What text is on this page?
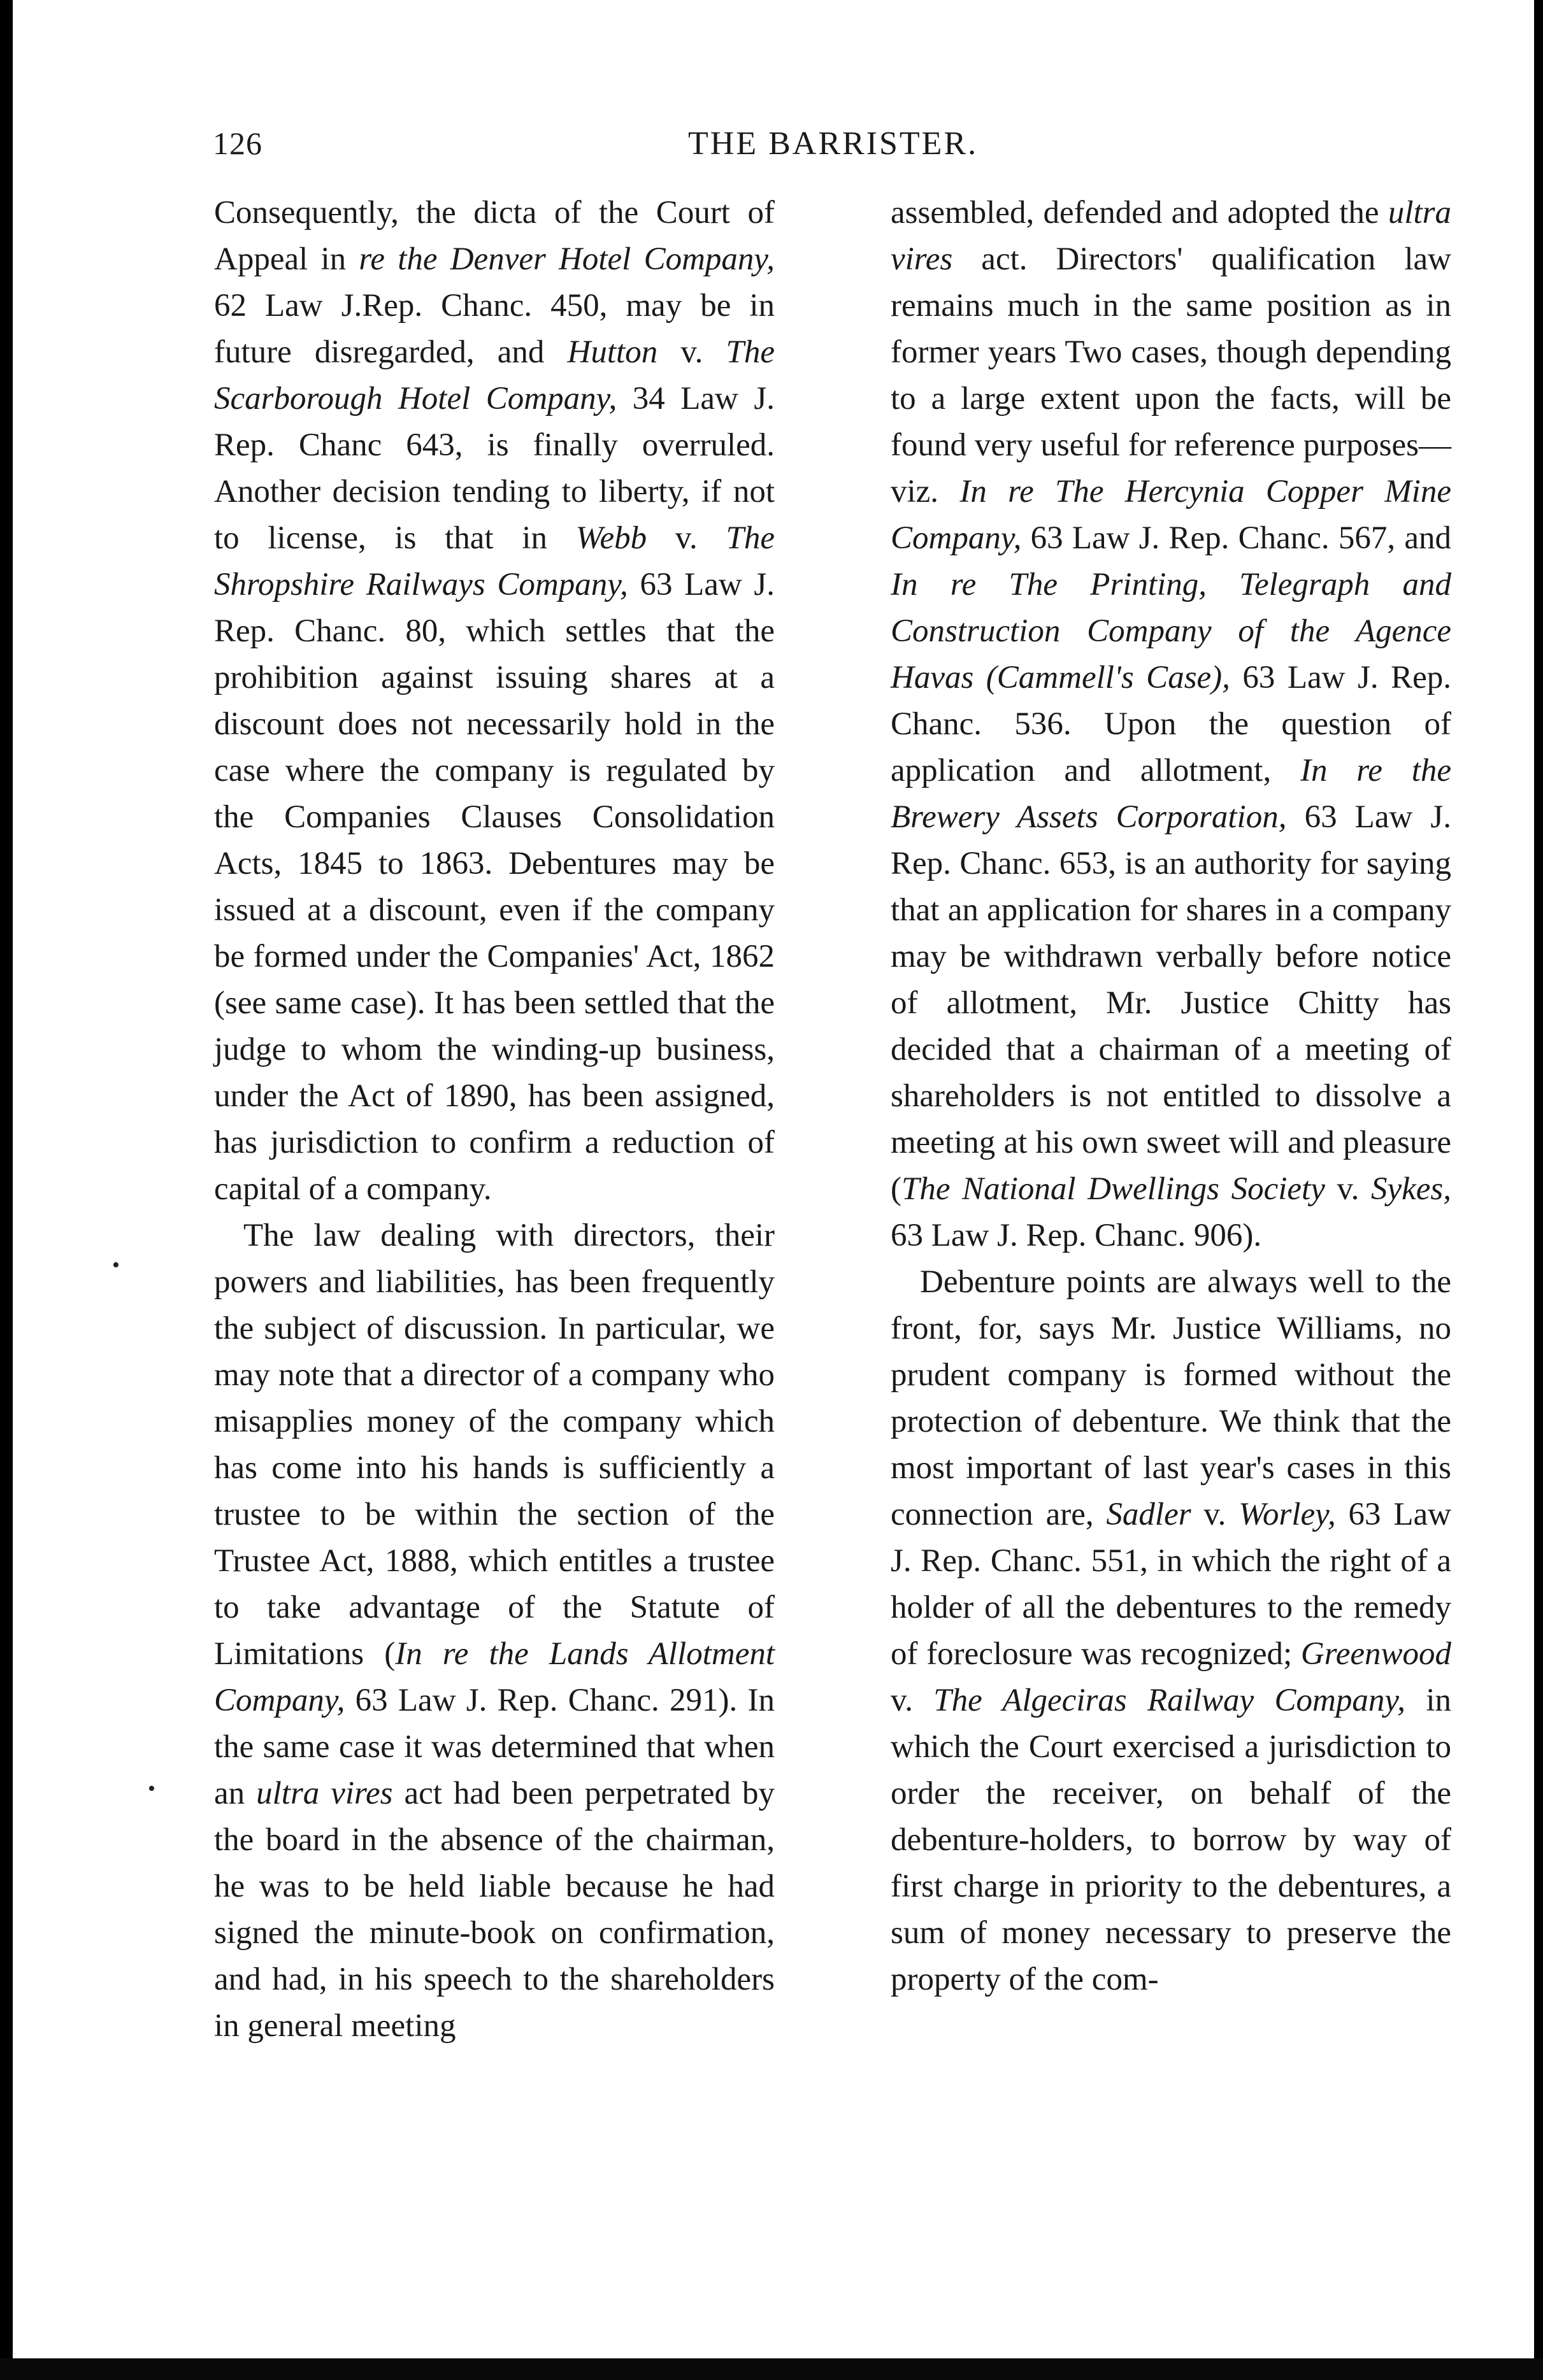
126	THE BARRISTER.
•
•

Consequently, the dicta of the Court of Appeal in re the Denver Hotel Company, 62 Law J.Rep. Chanc. 450, may be in future disregarded, and Hutton v. The Scarborough Hotel Company, 34 Law J. Rep. Chanc 643, is finally overruled. Another decision tending to liberty, if not to license, is that in Webb v. The Shropshire Railways Company, 63 Law J. Rep. Chanc. 80, which settles that the prohibition against issuing shares at a discount does not necessarily hold in the case where the company is regulated by the Companies Clauses Consolidation Acts, 1845 to 1863. Debentures may be issued at a discount, even if the company be formed under the Companies' Act, 1862 (see same case). It has been settled that the judge to whom the winding-up business, under the Act of 1890, has been assigned, has jurisdiction to confirm a reduction of capital of a company.

The law dealing with directors, their powers and liabilities, has been frequently the subject of discussion. In particular, we may note that a director of a company who misapplies money of the company which has come into his hands is sufficiently a trustee to be within the section of the Trustee Act, 1888, which entitles a trustee to take advantage of the Statute of Limitations (In re the Lands Allotment Company, 63 Law J. Rep. Chanc. 291). In the same case it was determined that when an ultra vires act had been perpetrated by the board in the absence of the chairman, he was to be held liable because he had signed the minute-book on confirmation, and had, in his speech to the shareholders in general meeting

assembled, defended and adopted the ultra vires act. Directors' qualification law remains much in the same position as in former years Two cases, though depending to a large extent upon the facts, will be found very useful for reference purposes—viz. In re The Hercynia Copper Mine Company, 63 Law J. Rep. Chanc. 567, and In re The Printing, Telegraph and Construction Company of the Agence Havas (Cammell's Case), 63 Law J. Rep. Chanc. 536. Upon the question of application and allotment, In re the Brewery Assets Corporation, 63 Law J. Rep. Chanc. 653, is an authority for saying that an application for shares in a company may be withdrawn verbally before notice of allotment, Mr. Justice Chitty has decided that a chairman of a meeting of shareholders is not entitled to dissolve a meeting at his own sweet will and pleasure (The National Dwellings Society v. Sykes, 63 Law J. Rep. Chanc. 906).

Debenture points are always well to the front, for, says Mr. Justice Williams, no prudent company is formed without the protection of debenture. We think that the most important of last year's cases in this connection are, Sadler v. Worley, 63 Law J. Rep. Chanc. 551, in which the right of a holder of all the debentures to the remedy of foreclosure was recognized; Greenwood v. The Algeciras Railway Company, in which the Court exercised a jurisdiction to order the receiver, on behalf of the debenture-holders, to borrow by way of first charge in priority to the debentures, a sum of money necessary to preserve the property of the com-
